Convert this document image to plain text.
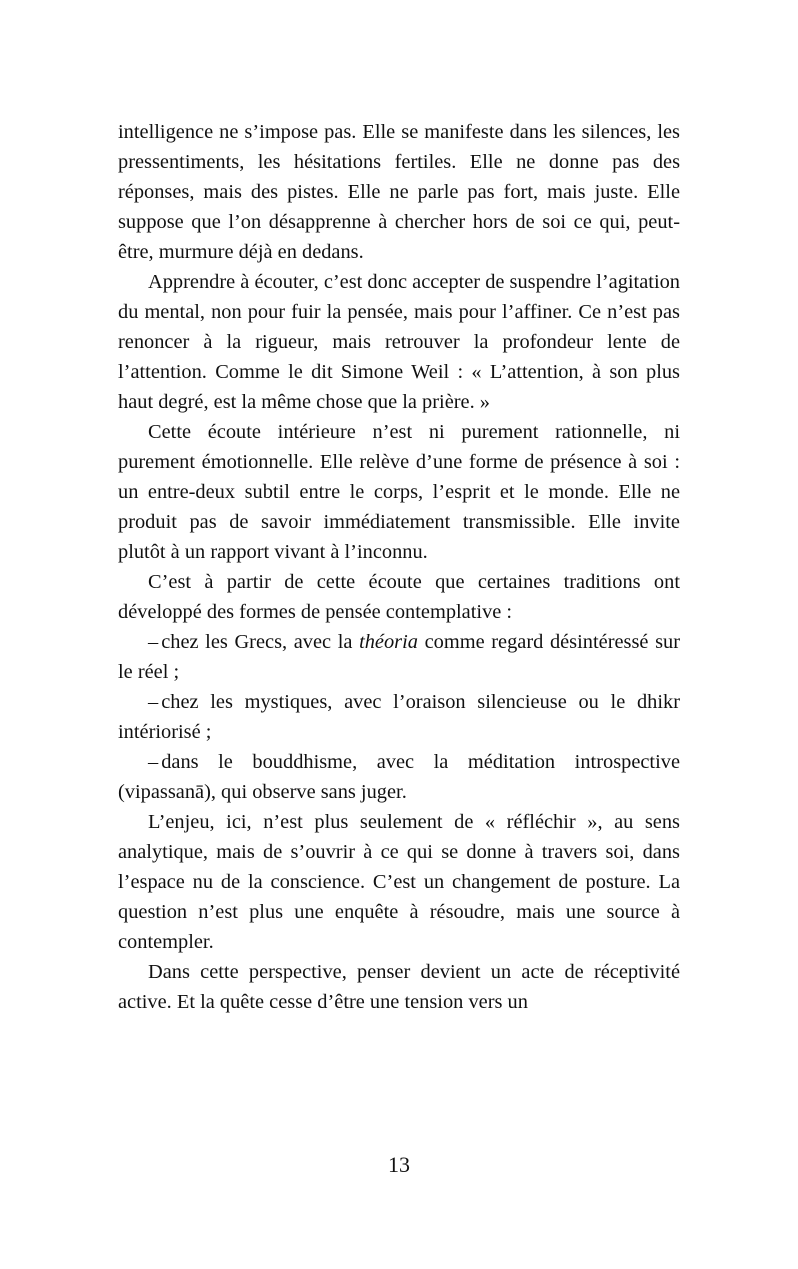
intelligence ne s’impose pas. Elle se manifeste dans les silences, les pressentiments, les hésitations fertiles. Elle ne donne pas des réponses, mais des pistes. Elle ne parle pas fort, mais juste. Elle suppose que l’on désapprenne à chercher hors de soi ce qui, peut-être, murmure déjà en dedans.

Apprendre à écouter, c’est donc accepter de suspendre l’agitation du mental, non pour fuir la pensée, mais pour l’affiner. Ce n’est pas renoncer à la rigueur, mais retrouver la profondeur lente de l’attention. Comme le dit Simone Weil : « L’attention, à son plus haut degré, est la même chose que la prière. »

Cette écoute intérieure n’est ni purement rationnelle, ni purement émotionnelle. Elle relève d’une forme de présence à soi : un entre-deux subtil entre le corps, l’esprit et le monde. Elle ne produit pas de savoir immédiatement transmissible. Elle invite plutôt à un rapport vivant à l’inconnu.

C’est à partir de cette écoute que certaines traditions ont développé des formes de pensée contemplative :

– chez les Grecs, avec la théoria comme regard désintéressé sur le réel ;

– chez les mystiques, avec l’oraison silencieuse ou le dhikr intériorisé ;

– dans le bouddhisme, avec la méditation introspective (vipassanā), qui observe sans juger.

L’enjeu, ici, n’est plus seulement de « réfléchir », au sens analytique, mais de s’ouvrir à ce qui se donne à travers soi, dans l’espace nu de la conscience. C’est un changement de posture. La question n’est plus une enquête à résoudre, mais une source à contempler.

Dans cette perspective, penser devient un acte de réceptivité active. Et la quête cesse d’être une tension vers un

13
